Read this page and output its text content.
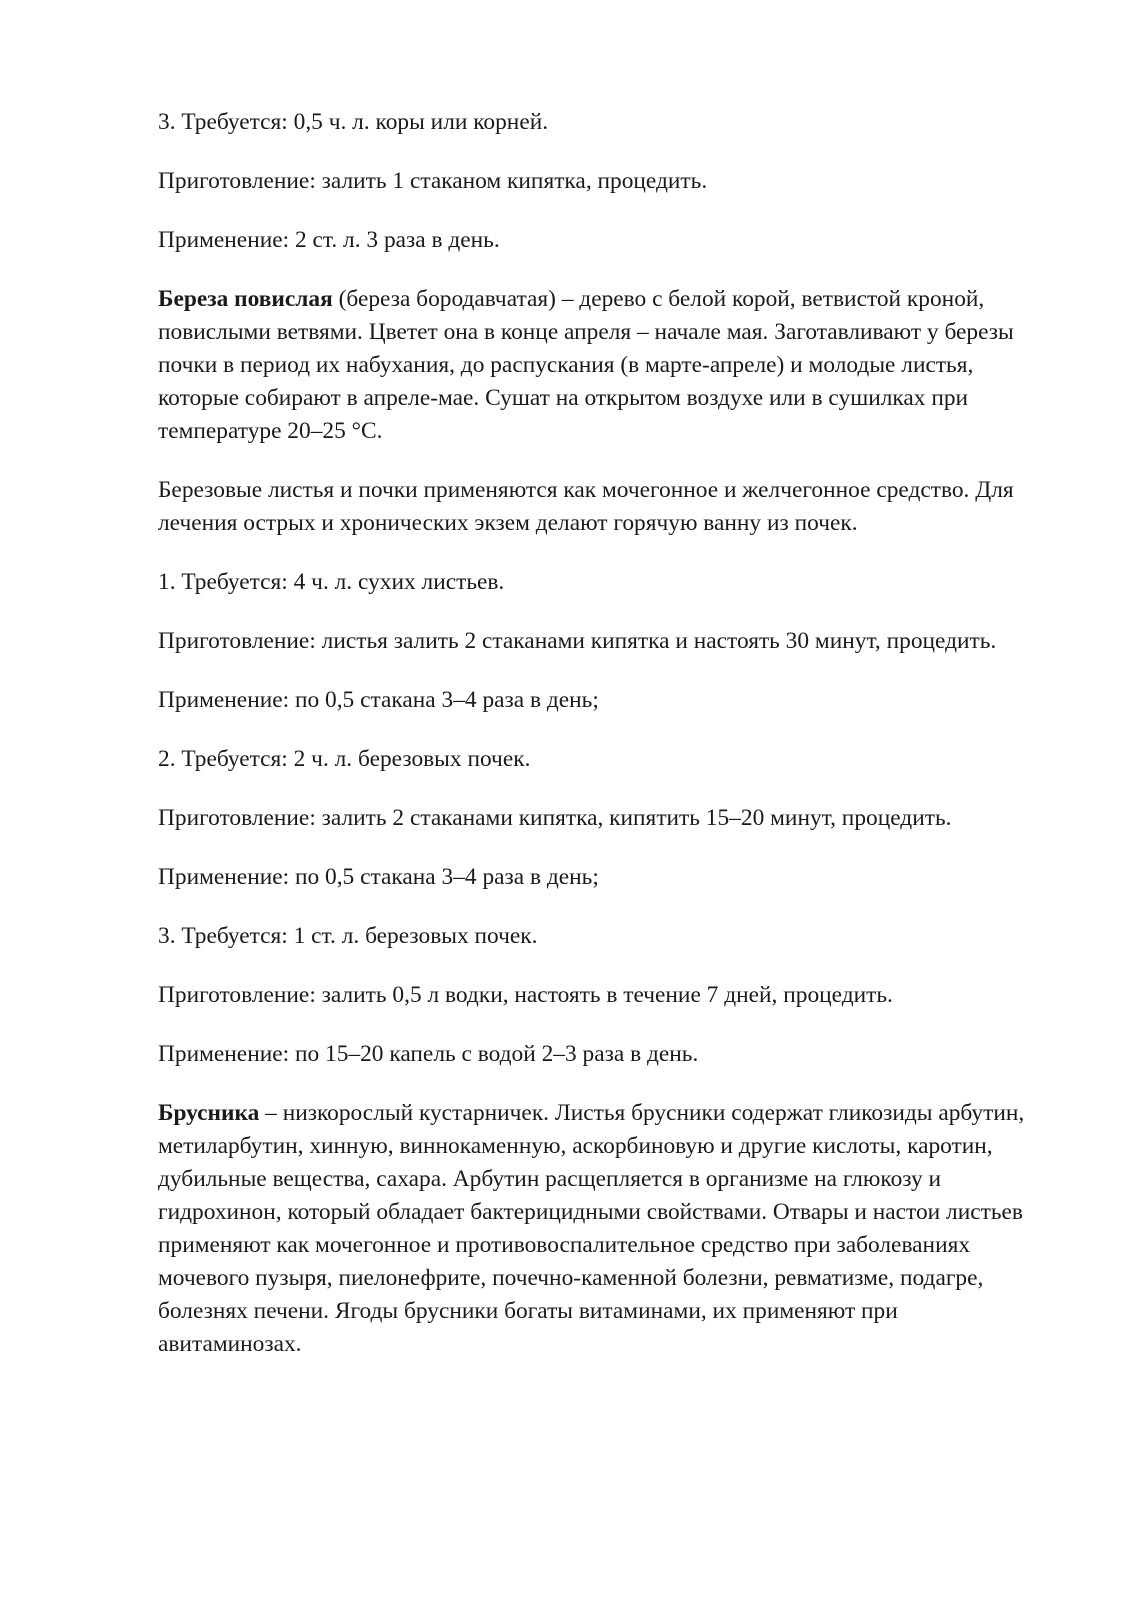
3. Требуется: 0,5 ч. л. коры или корней.

Приготовление: залить 1 стаканом кипятка, процедить.

Применение: 2 ст. л. 3 раза в день.

Береза повислая (береза бородавчатая) – дерево с белой корой, ветвистой кроной, повислыми ветвями. Цветет она в конце апреля – начале мая. Заготавливают у березы почки в период их набухания, до распускания (в марте-апреле) и молодые листья, которые собирают в апреле-мае. Сушат на открытом воздухе или в сушилках при температуре 20–25 °С.

Березовые листья и почки применяются как мочегонное и желчегонное средство. Для лечения острых и хронических экзем делают горячую ванну из почек.

1. Требуется: 4 ч. л. сухих листьев.

Приготовление: листья залить 2 стаканами кипятка и настоять 30 минут, процедить.

Применение: по 0,5 стакана 3–4 раза в день;

2. Требуется: 2 ч. л. березовых почек.

Приготовление: залить 2 стаканами кипятка, кипятить 15–20 минут, процедить.

Применение: по 0,5 стакана 3–4 раза в день;

3. Требуется: 1 ст. л. березовых почек.

Приготовление: залить 0,5 л водки, настоять в течение 7 дней, процедить.

Применение: по 15–20 капель с водой 2–3 раза в день.

Брусника – низкорослый кустарничек. Листья брусники содержат гликозиды арбутин, метиларбутин, хинную, виннокаменную, аскорбиновую и другие кислоты, каротин, дубильные вещества, сахара. Арбутин расщепляется в организме на глюкозу и гидрохинон, который обладает бактерицидными свойствами. Отвары и настои листьев применяют как мочегонное и противовоспалительное средство при заболеваниях мочевого пузыря, пиелонефрите, почечно-каменной болезни, ревматизме, подагре, болезнях печени. Ягоды брусники богаты витаминами, их применяют при авитаминозах.
